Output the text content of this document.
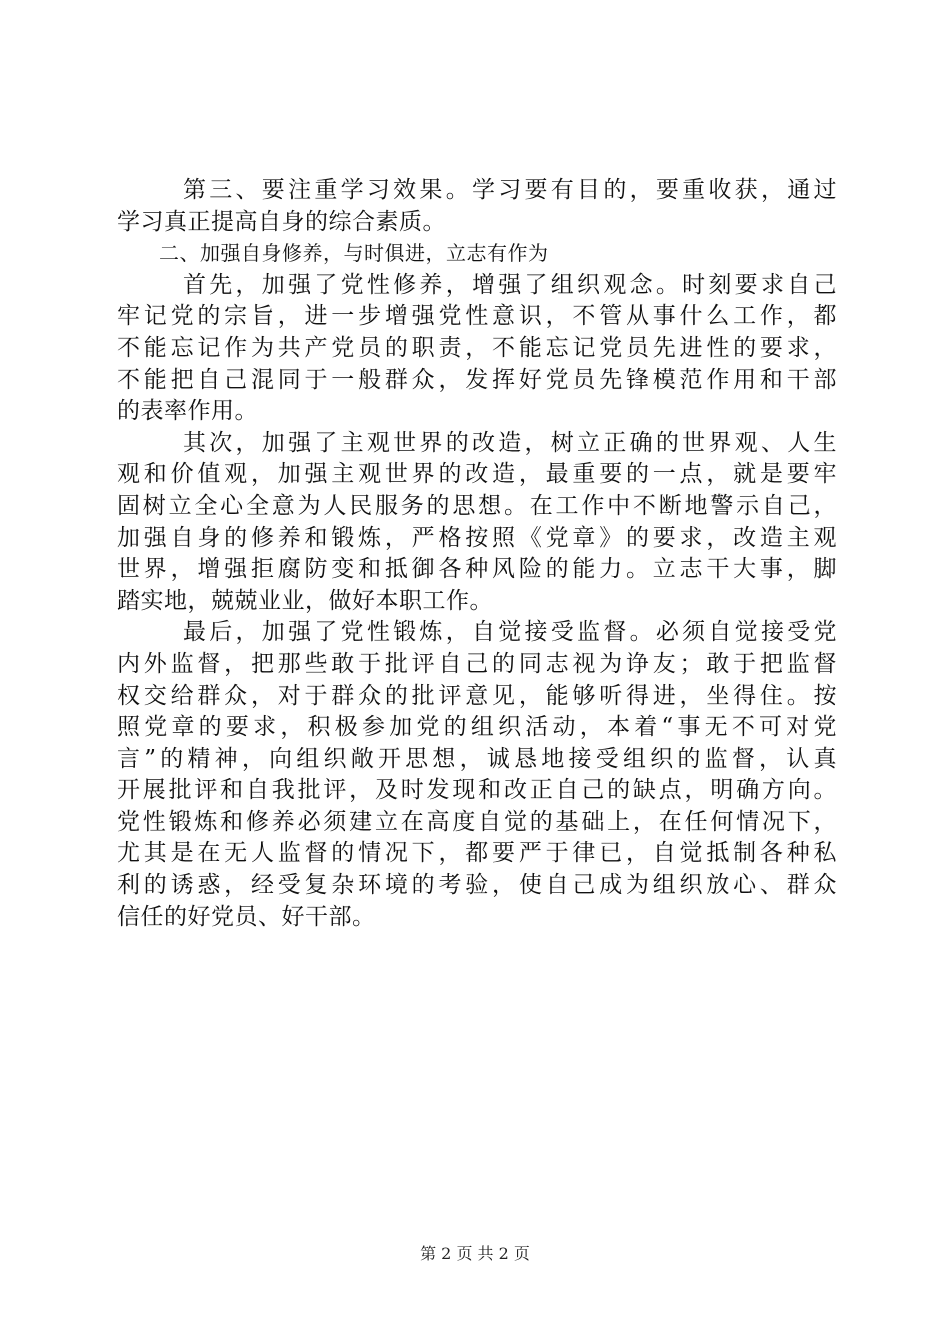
第三、要注重学习效果。学习要有目的，要重收获，通过
学习真正提高自身的综合素质。
二、加强自身修养，与时俱进，立志有作为
首先，加强了党性修养，增强了组织观念。时刻要求自己
牢记党的宗旨，进一步增强党性意识，不管从事什么工作，都
不能忘记作为共产党员的职责，不能忘记党员先进性的要求，
不能把自己混同于一般群众，发挥好党员先锋模范作用和干部
的表率作用。
其次，加强了主观世界的改造，树立正确的世界观、人生
观和价值观，加强主观世界的改造，最重要的一点，就是要牢
固树立全心全意为人民服务的思想。在工作中不断地警示自己，
加强自身的修养和锻炼，严格按照《党章》的要求，改造主观
世界，增强拒腐防变和抵御各种风险的能力。立志干大事，脚
踏实地，兢兢业业，做好本职工作。
最后，加强了党性锻炼，自觉接受监督。必须自觉接受党
内外监督，把那些敢于批评自己的同志视为诤友；敢于把监督
权交给群众，对于群众的批评意见，能够听得进，坐得住。按
照党章的要求，积极参加党的组织活动，本着“事无不可对党
言”的精神，向组织敞开思想，诚恳地接受组织的监督，认真
开展批评和自我批评，及时发现和改正自己的缺点，明确方向。
党性锻炼和修养必须建立在高度自觉的基础上，在任何情况下，
尤其是在无人监督的情况下，都要严于律已，自觉抵制各种私
利的诱惑，经受复杂环境的考验，使自己成为组织放心、群众
信任的好党员、好干部。
第 2 页 共 2 页
